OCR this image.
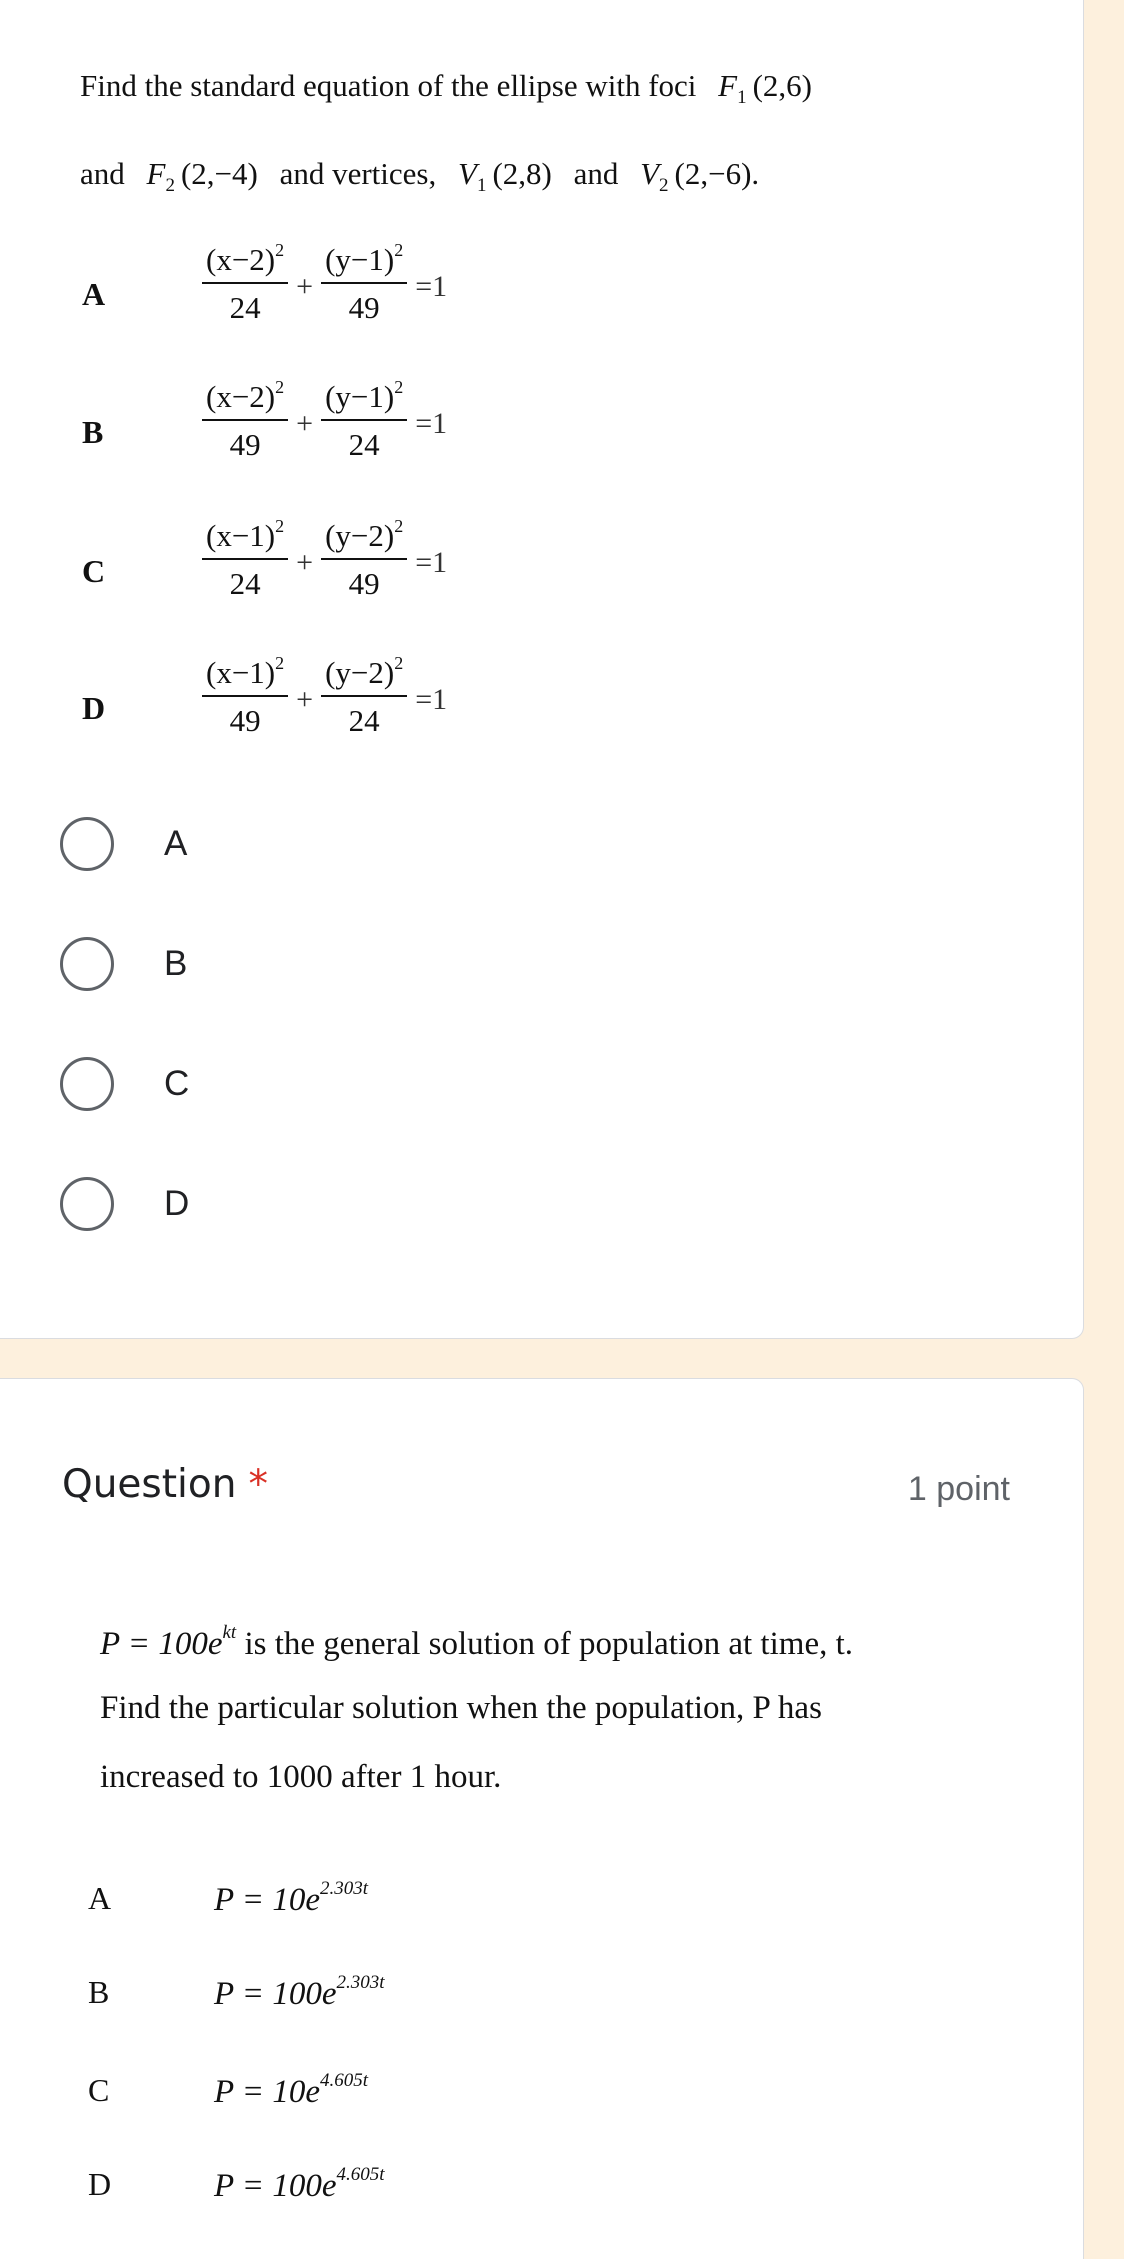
Find the standard equation of the ellipse with foci $F_1$ (2,6)
and $F_2$ (2,−4) and vertices, $V_1$ (2,8) and $V_2$ (2,−6).
A	$\frac{(x-2)^2}{24} + \frac{(y-1)^2}{49} =1$
B	$\frac{(x-2)^2}{49} + \frac{(y-1)^2}{24} =1$
C	$\frac{(x-1)^2}{24} + \frac{(y-2)^2}{49} =1$
D	$\frac{(x-1)^2}{49} + \frac{(y-2)^2}{24} =1$
A
B
C
D
Question *	1 point
$P = 100e^{kt}$ is the general solution of population at time, t.
Find the particular solution when the population, P has
increased to 1000 after 1 hour.
A	$P = 10e^{2.303t}$
B	$P = 100e^{2.303t}$
C	$P = 10e^{4.605t}$
D	$P = 100e^{4.605t}$
